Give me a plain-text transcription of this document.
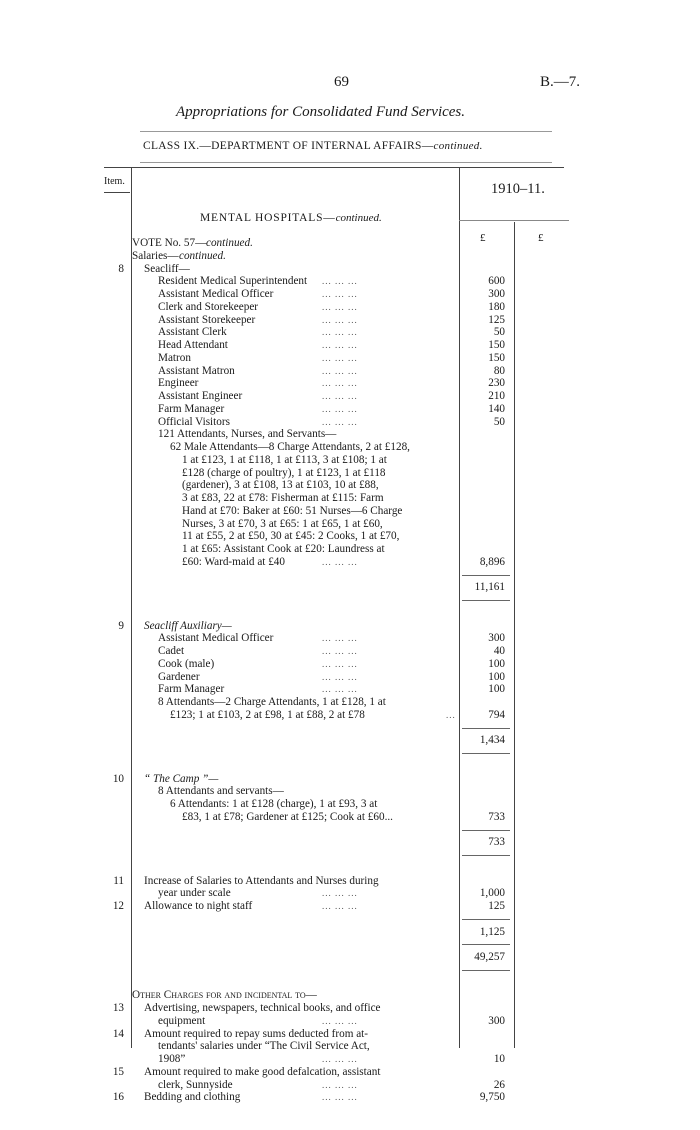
69	B.—7.
Appropriations for Consolidated Fund Services.
CLASS IX.—DEPARTMENT OF INTERNAL AFFAIRS—continued.
Item.	1910–11.
£	£
MENTAL HOSPITALS—continued.
VOTE No. 57— continued.
Salaries— continued.
8 Seacliff—
Resident Medical Superintendent ... ... ...	600
Assistant Medical Officer	... ... ...	300
Clerk and Storekeeper	... ... ...	180
Assistant Storekeeper	... ... ...	125
Assistant Clerk	... ... ...	50
Head Attendant	... ... ...	150
Matron	... ... ...	150
Assistant Matron	... ... ...	80
Engineer	... ... ...	230
Assistant Engineer	... ... ...	210
Farm Manager	... ... ...	140
Official Visitors	... ... ...	50
121 Attendants, Nurses, and Servants—
62 Male Attendants—8 Charge Attendants, 2 at £128,
1 at £123, 1 at £118, 1 at £113, 3 at £108; 1 at
£128 (charge of poultry), 1 at £123, 1 at £118
(gardener), 3 at £108, 13 at £103, 10 at £88,
3 at £83, 22 at £78: Fisherman at £115: Farm
Hand at £70: Baker at £60: 51 Nurses—6 Charge
Nurses, 3 at £70, 3 at £65: 1 at £65, 1 at £60,
11 at £55, 2 at £50, 30 at £45: 2 Cooks, 1 at £70,
1 at £65: Assistant Cook at £20: Laundress at
£60: Ward-maid at £40	... ... ...	8,896
11,161
9 Seacliff Auxiliary—
Assistant Medical Officer	... ... ...	300
Cadet	... ... ...	40
Cook (male)	... ... ...	100
Gardener	... ... ...	100
Farm Manager	... ... ...	100
8 Attendants—2 Charge Attendants, 1 at £128, 1 at
£123; 1 at £103, 2 at £98, 1 at £88, 2 at £78	...	794
1,434
10 “ The Camp ”—
8 Attendants and servants—
6 Attendants: 1 at £128 (charge), 1 at £93, 3 at
£83, 1 at £78; Gardener at £125; Cook at £60...	733
733
11 Increase of Salaries to Attendants and Nurses during
year under scale	... ... ...	1,000
12 Allowance to night staff	... ... ...	125
1,125
49,257
Other Charges for and incidental to—
13 Advertising, newspapers, technical books, and office
equipment	... ... ...	300
14 Amount required to repay sums deducted from at-
tendants' salaries under “The Civil Service Act,
1908”	... ... ...	10
15 Amount required to make good defalcation, assistant
clerk, Sunnyside	... ... ...	26
16 Bedding and clothing	... ... ...	9,750
